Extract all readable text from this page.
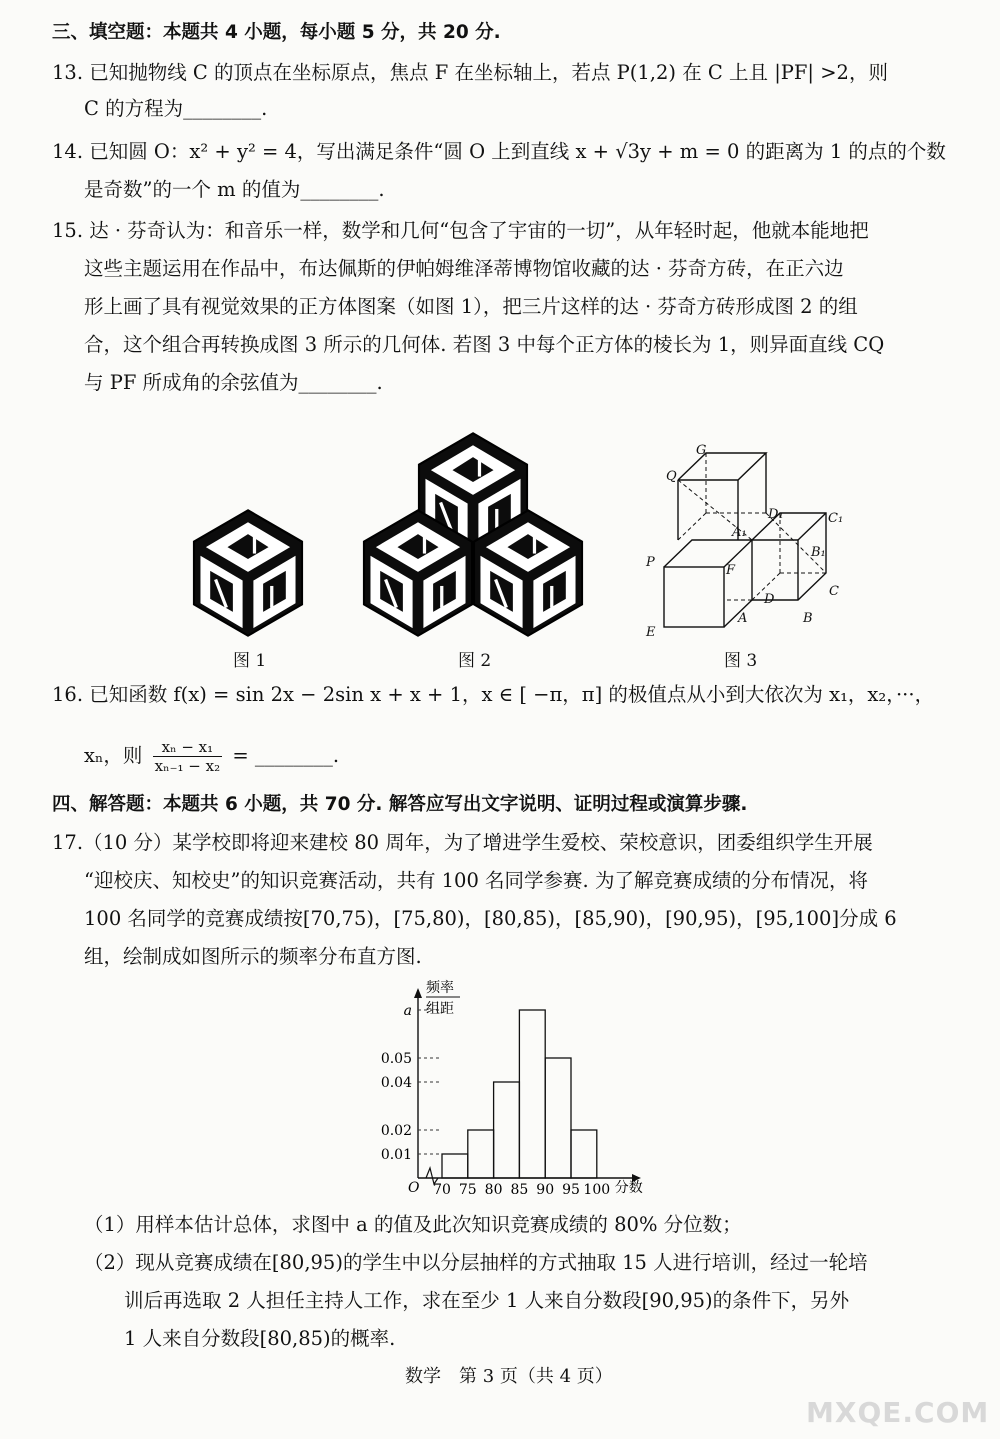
三、填空题：本题共 4 小题，每小题 5 分，共 20 分.
13. 已知抛物线 C 的顶点在坐标原点，焦点 F 在坐标轴上，若点 P(1,2) 在 C 上且 |PF| >2，则
C 的方程为________.
14. 已知圆 O：x² + y² = 4，写出满足条件“圆 O 上到直线 x + √3y + m = 0 的距离为 1 的点的个数
是奇数”的一个 m 的值为________.
15. 达 · 芬奇认为：和音乐一样，数学和几何“包含了宇宙的一切”，从年轻时起，他就本能地把
这些主题运用在作品中，布达佩斯的伊帕姆维泽蒂博物馆收藏的达 · 芬奇方砖，在正六边
形上画了具有视觉效果的正方体图案（如图 1），把三片这样的达 · 芬奇方砖形成图 2 的组
合，这个组合再转换成图 3 所示的几何体. 若图 3 中每个正方体的棱长为 1，则异面直线 CQ
与 PF 所成角的余弦值为________.
G
Q
D₁	C₁
A₁
B₁
P
F
D
C
E
A	B
图 1	图 2	图 3
16. 已知函数 f(x) = sin 2x − 2sin x + x + 1，x ∈ [ −π，π] 的极值点从小到大依次为 x₁，x₂，···，
xₙ，则 $\frac{\text{xₙ − x₁}}{\text{xₙ₋₁ − x₂}}$ = ________.
四、解答题：本题共 6 小题，共 70 分. 解答应写出文字说明、证明过程或演算步骤.
17.（10 分）某学校即将迎来建校 80 周年，为了增进学生爱校、荣校意识，团委组织学生开展
“迎校庆、知校史”的知识竞赛活动，共有 100 名同学参赛. 为了解竞赛成绩的分布情况，将
100 名同学的竞赛成绩按[70,75)，[75,80)，[80,85)，[85,90)，[90,95)，[95,100]分成 6
组，绘制成如图所示的频率分布直方图.
频率
组距
O
0.01
0.02
0.04
0.05
a
70 75 80 85 90 95 100 分数
（1）用样本估计总体，求图中 a 的值及此次知识竞赛成绩的 80% 分位数；
（2）现从竞赛成绩在[80,95)的学生中以分层抽样的方式抽取 15 人进行培训，经过一轮培
训后再选取 2 人担任主持人工作，求在至少 1 人来自分数段[90,95)的条件下，另外
1 人来自分数段[80,85)的概率.
数学　第 3 页（共 4 页）
MXQE.COM
